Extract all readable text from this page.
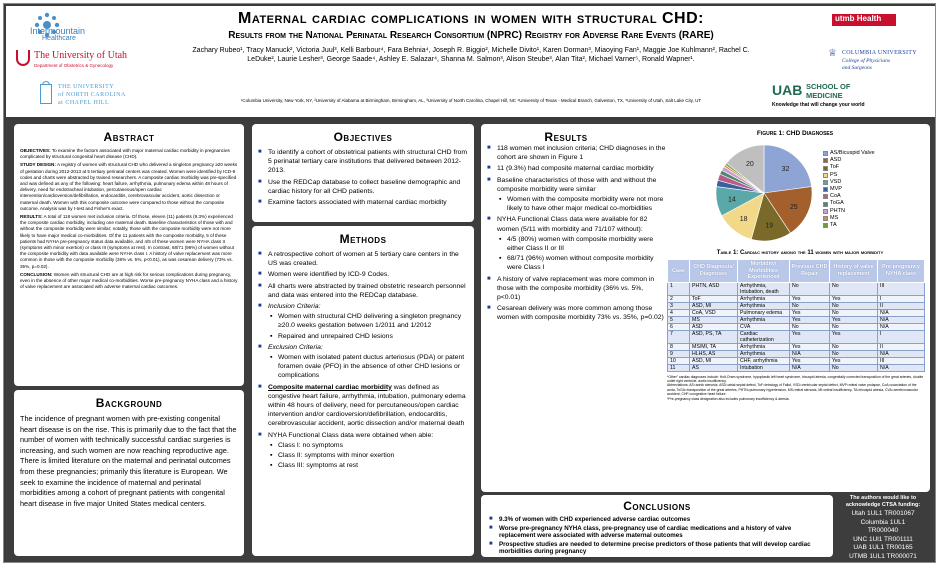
Intermountain
Healthcare
The University of Utah
Department of Obstetrics & Gynecology
THE UNIVERSITY
of NORTH CAROLINA
at CHAPEL HILL
Maternal cardiac complications in women with structural CHD:
Results from the National Perinatal Research Consortium (NPRC) Registry for Adverse Rare Events (RARE)
Zachary Rubeo¹, Tracy Manuck², Victoria Juul³, Kelli Barbour⁴, Fara Behnia⁴, Joseph R. Biggio², Michelle Divito¹, Karen Dorman³, Miaoying Fan¹, Maggie Joe Kuhlmann², Rachel C.
LeDuke², Laurie Lesher³, George Saade⁴, Ashley E. Salazar⁴, Shanna M. Salmon³, Alison Steube³, Alan Tita², Michael Varner⁵, Ronald Wapner¹.
¹Columbia University, New York, NY, ²University of Alabama at Birmingham, Birmingham, AL, ³University of North Carolina, Chapel Hill, NC ⁴University of Texas - Medical Branch, Galveston, TX, ⁵University of Utah, Salt Lake City, UT
utmb Health
♕ COLUMBIA UNIVERSITY
College of Physicians
and Surgeons
UAB SCHOOL OF
MEDICINE
Knowledge that will change your world
Abstract
OBJECTIVES: To examine the factors associated with major maternal cardiac morbidity in pregnancies complicated by structural congenital heart disease (CHD).
STUDY DESIGN: A registry of women with structural CHD who delivered a singleton pregnancy ≥20 weeks of gestation during 2012-2013 at 5 tertiary perinatal centers was created. Women were identified by ICD-9 codes and charts were abstracted by trained researchers. A composite cardiac morbidity was pre-specified and was defined as any of the following: heart failure, arrhythmia, pulmonary edema within 48 hours of delivery, need for endotracheal intubation, percutaneous/open cardiac intervention/cardioversion/defibrillation, endocarditis, cerebrovascular accident, aortic dissection or maternal death. Women with this composite outcome were compared to those without the composite outcome. Analysis was by t-test and Fisher's exact.
RESULTS: A total of 118 women met inclusion criteria. Of those, eleven (11) patients (9.3%) experienced the composite cardiac morbidity, including one maternal death. Baseline characteristics of those with and without the composite morbidity were similar; notably, those with the composite morbidity were not more likely to have major medical co-morbidities. Of the 11 patients with the composite morbidity, 5 of these patients had NYHA pre-pregnancy status data available, and 4/5 of these women were NYHA class II (symptoms with minor exertion) or class III (symptoms at rest). In contrast, 68/71 (96%) of women without the composite morbidity with data available were NYHA class I. A history of valve replacement was more common in those with the composite morbidity (36% vs. 5%, p<0.01), as was cesarean delivery (73% vs. 35%, p=0.02).
CONCLUSION: Women with structural CHD are at high risk for serious complications during pregnancy, even in the absence of other major medical co-morbidities. Worse pre-pregnancy NYHA class and a history of valve replacement are associated with adverse maternal cardiac outcomes.
Background
The incidence of pregnant women with pre-existing congenital heart disease is on the rise. This is primarily due to the fact that the number of women with technically successful cardiac surgeries is increasing, and such women are now reaching reproductive age. There is limited literature on the maternal and perinatal outcomes from these pregnancies; primarily this literature is European. We seek to examine the incidence of maternal and perinatal morbidities among a cohort of pregnant patients with congenital heart disease in five major United States medical centers.
Objectives
■ To identify a cohort of obstetrical patients with structural CHD from 5 perinatal tertiary care institutions that delivered between 2012-2013.
■ Use the REDCap database to collect baseline demographic and cardiac history for all CHD patients.
■ Examine factors associated with maternal cardiac morbidity
Methods
■ A retrospective cohort of women at 5 tertiary care centers in the US was created.
■ Women were identified by ICD-9 Codes.
■ All charts were abstracted by trained obstetric research personnel and data was entered into the REDCap database.
■ Inclusion Criteria:
▪ Women with structural CHD delivering a singleton pregnancy ≥20.0 weeks gestation between 1/2011 and 1/2012
▪ Repaired and unrepaired CHD lesions
■ Exclusion Criteria:
▪ Women with isolated patent ductus arteriosus (PDA) or patent foramen ovale (PFO) in the absence of other CHD lesions or complications
■ Composite maternal cardiac morbidity was defined as congestive heart failure, arrhythmia, intubation, pulmonary edema within 48 hours of delivery, need for percutaneous/open cardiac intervention and/or cardioversion/defibrillation, endocarditis, cerebrovascular accident, aortic dissection and/or maternal death
■ NYHA Functional Class data were obtained when able:
▪ Class I: no symptoms
▪ Class II: symptoms with minor exertion
▪ Class III: symptoms at rest
Results
■ 118 women met inclusion criteria; CHD diagnoses in the cohort are shown in Figure 1
■ 11 (9.3%) had composite maternal cardiac morbidity
■ Baseline characteristics of those with and without the composite morbidity were similar
▪ Women with the composite morbidity were not more likely to have other major medical co-morbidities
■ NYHA Functional Class data were available for 82 women (5/11 with morbidity and 71/107 without):
▪ 4/5 (80%) women with composite morbidity were either Class II or III
▪ 68/71 (96%) women without composite morbidity were Class I
■ A history of valve replacement was more common in those with the composite morbidity (36% vs. 5%, p<0.01)
■ Cesarean delivery was more common among those women with composite morbidity 73% vs. 35%, p=0.02)
Figure 1: CHD Diagnoses
32
25
19
18
14
20
AS/Bicuspid Valve
ASD
ToF
PS
VSD
MVP
CoA
ToGA
PHTN
MS
TA
Table 1: Cardiac history among the 11 women with major morbidity
Case	CHD Diagnosis/ Diagnoses	Morbidity/ Morbidities Experienced	Previous CHD Repair	History of valve replacement	Pre-pregnancy NYHA class
1	PHTN, ASD	Arrhythmia, Intubation, death	No	No	III
2	ToF	Arrhythmia	Yes	Yes	I
3	ASD, MI	Arrhythmia	No	No	II
4	CoA, VSD	Pulmonary edema	Yes	No	N/A
5	MS	Arrhythmia	Yes	Yes	N/A
6	ASD	CVA	No	No	N/A
7	ASD, PS, TA	Cardiac catheterization	Yes	Yes	I
8	MS/MI, TA	Arrhythmia	Yes	No	II
9	HLHS, AS	Arrhythmia	N/A	No	N/A
10	ASD, MI	CHF, arrhythmia	Yes	Yes	III
11	AS	Intubation	N/A	No	N/A
*Other” cardiac diagnoses include: Holt-Oram syndrome, hypoplastic left heart syndrome, tricuspid atresia, congenitally corrected transposition of the great arteries, double outlet right ventricle, aortic insufficiency.
Abbreviations: AS=aortic stenosis, ASD=atrial septal defect, ToF=tetralogy of Fallot, VSD=ventricular septal defect, MVP=mitral valve prolapse, CoA=coarctation of the aorta, ToGA=transposition of the great arteries, PHTN=pulmonary hypertension, MS=mitral stenosis, MI=mitral insufficiency, TA=tricuspid atresia, CVA=cerebrovascular accident, CHF=congestive heart failure.
*Pre-pregnancy class designation also includes pulmonary insufficiency & atresia.
Conclusions
■ 9.3% of women with CHD experienced adverse cardiac outcomes
■ Worse pre-pregnancy NYHA class, pre-pregnancy use of cardiac medications and a history of valve replacement were associated with adverse maternal outcomes
■ Prospective studies are needed to determine precise predictors of those patients that will develop cardiac morbidities during pregnancy
The authors would like to acknowledge CTSA funding:
Utah 1UL1 TR001067
Columbia 1UL1
TR000040
UNC 1Ul1 TR001111
UAB 1UL1 TR00165
UTMB 1UL1 TR000071
